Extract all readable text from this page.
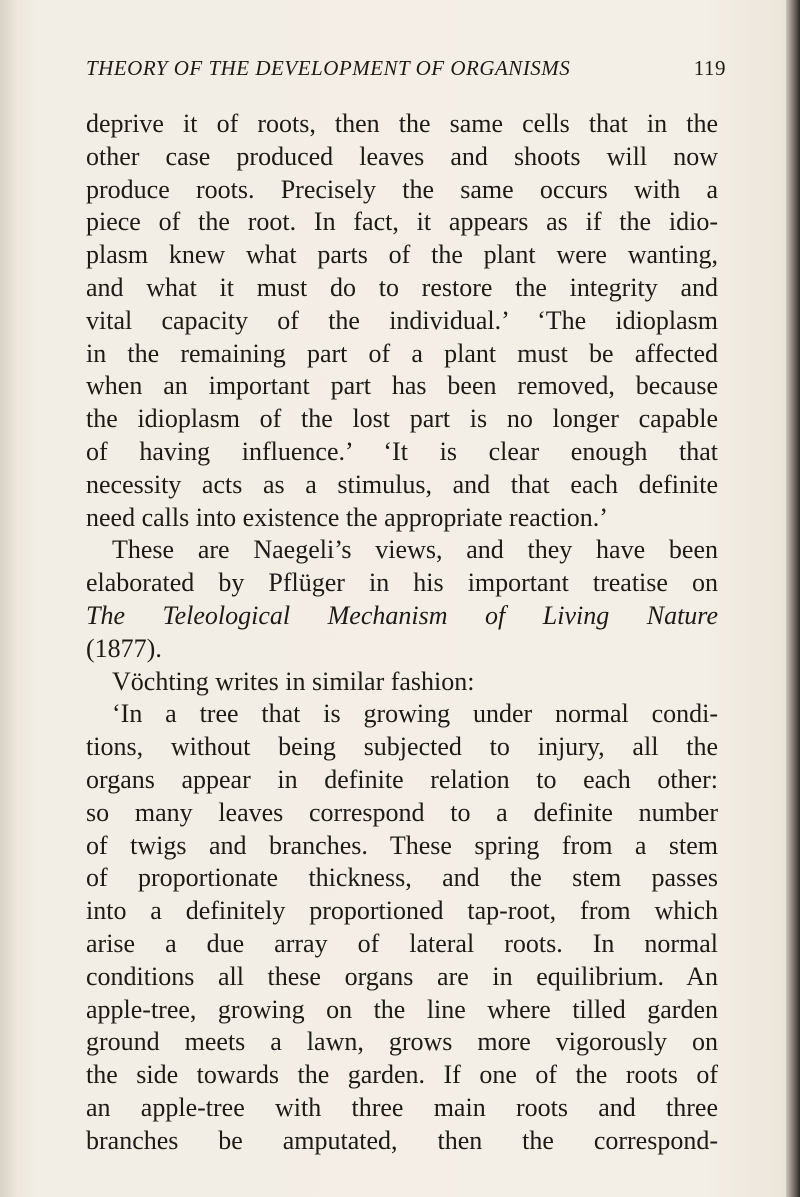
THEORY OF THE DEVELOPMENT OF ORGANISMS	119
deprive it of roots, then the same cells that in the
other case produced leaves and shoots will now
produce roots. Precisely the same occurs with a
piece of the root. In fact, it appears as if the idio-
plasm knew what parts of the plant were wanting,
and what it must do to restore the integrity and
vital capacity of the individual.’ ‘The idioplasm
in the remaining part of a plant must be affected
when an important part has been removed, because
the idioplasm of the lost part is no longer capable
of having influence.’ ‘It is clear enough that
necessity acts as a stimulus, and that each definite
need calls into existence the appropriate reaction.’
These are Naegeli’s views, and they have been
elaborated by Pflüger in his important treatise on
The Teleological Mechanism of Living Nature
(1877).
Vöchting writes in similar fashion:
‘In a tree that is growing under normal condi-
tions, without being subjected to injury, all the
organs appear in definite relation to each other:
so many leaves correspond to a definite number
of twigs and branches. These spring from a stem
of proportionate thickness, and the stem passes
into a definitely proportioned tap-root, from which
arise a due array of lateral roots. In normal
conditions all these organs are in equilibrium. An
apple-tree, growing on the line where tilled garden
ground meets a lawn, grows more vigorously on
the side towards the garden. If one of the roots of
an apple-tree with three main roots and three
branches be amputated, then the correspond-
